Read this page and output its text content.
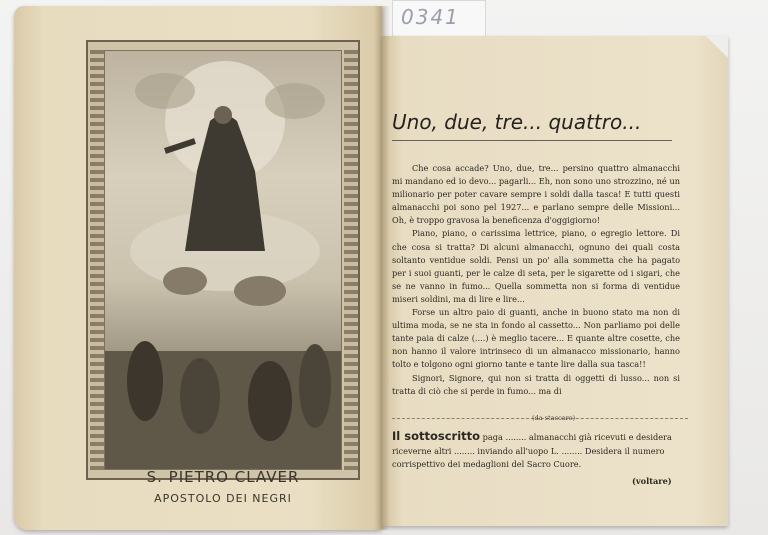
0341
S. PIETRO CLAVER
APOSTOLO DEI NEGRI
Uno, due, tre... quattro...

Che cosa accade? Uno, due, tre... persino quattro almanacchi mi mandano ed io devo... pagarli... Eh, non sono uno strozzino, né un milionario per poter cavare sempre i soldi dalla tasca! E tutti questi almanacchi poi sono pel 1927... e parlano sempre delle Missioni... Oh, è troppo gravosa la beneficenza d'oggigiorno!

Piano, piano, o carissima lettrice, piano, o egregio lettore. Di che cosa si tratta? Di alcuni almanacchi, ognuno dei quali costa soltanto ventidue soldi. Pensi un po' alla sommetta che ha pagato per i suoi guanti, per le calze di seta, per le sigarette od i sigari, che se ne vanno in fumo... Quella sommetta non si forma di ventidue miseri soldini, ma di lire e lire...

Forse un altro paio di guanti, anche in buono stato ma non di ultima moda, se ne sta in fondo al cassetto... Non parliamo poi delle tante paia di calze (....) è meglio tacere... E quante altre cosette, che non hanno il valore intrinseco di un almanacco missionario, hanno tolto e tolgono ogni giorno tante e tante lire dalla sua tasca!!

Signori, Signore, qui non si tratta di oggetti di lusso... non si tratta di ciò che si perde in fumo... ma di

(da staccare)
Il sottoscritto paga ........ almanacchi già ricevuti e desidera riceverne altri ........ inviando all'uopo L. ........ Desidera il numero corrispettivo dei medaglioni del Sacro Cuore.
(voltare)
